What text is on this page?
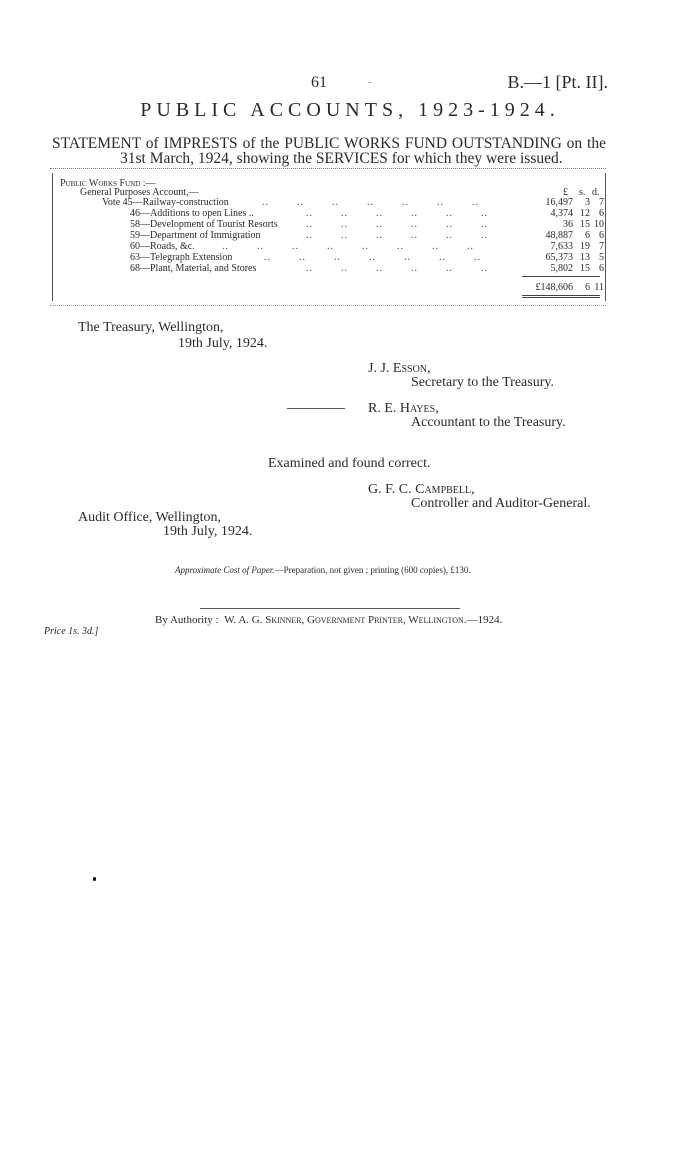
61	-	B.—1 [Pt. II].
PUBLIC ACCOUNTS, 1923-1924.
STATEMENT of IMPRESTS of the PUBLIC WORKS FUND OUTSTANDING on the
31st March, 1924, showing the SERVICES for which they were issued.
Public Works Fund :—
General Purposes Account,—	£ s. d.
Vote 45—Railway-construction	..        ..        ..        ..        ..        ..        ..	16,497 3 7
46—Additions to open Lines ..	..        ..        ..        ..        ..        ..	4,374 12 6
58—Development of Tourist Resorts	..        ..        ..        ..        ..        ..	36 15 10
59—Department of Immigration	..        ..        ..        ..        ..        ..	48,887 6 6
60—Roads, &c.	..        ..        ..        ..        ..        ..        ..        ..	7,633 19 7
63—Telegraph Extension	..        ..        ..        ..        ..        ..        ..	65,373 13 5
68—Plant, Material, and Stores	..        ..        ..        ..        ..        ..	5,802 15 6
£148,606 6 11
The Treasury, Wellington,
19th July, 1924.
J. J. Esson,
Secretary to the Treasury.
R. E. Hayes,
Accountant to the Treasury.
Examined and found correct.
G. F. C. Campbell,
Controller and Auditor-General.
Audit Office, Wellington,
19th July, 1924.
Approximate Cost of Paper.—Preparation, not given ; printing (600 copies), £130.
By Authority : W. A. G. Skinner, Government Printer, Wellington.—1924.
Price 1s. 3d.]
